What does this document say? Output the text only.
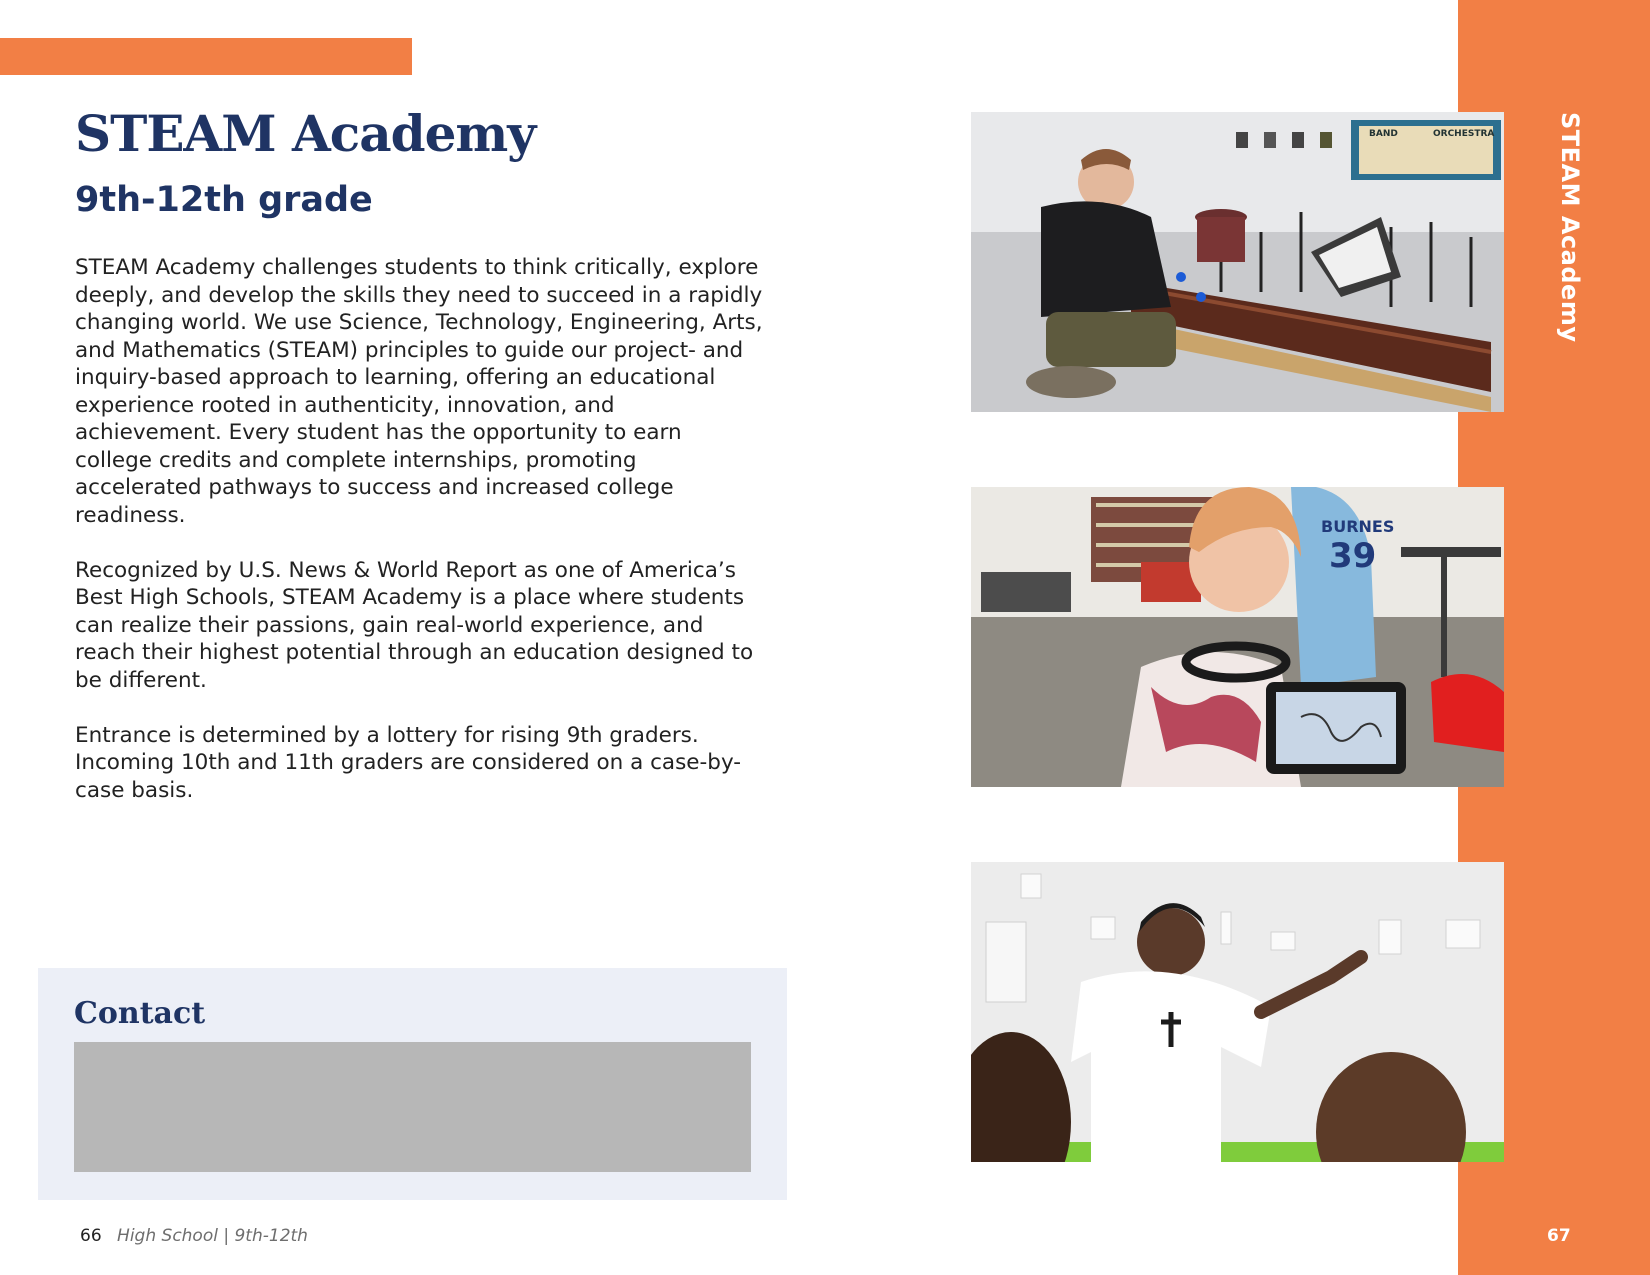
STEAM Academy
9th-12th grade

STEAM Academy challenges students to think critically, explore deeply, and develop the skills they need to succeed in a rapidly changing world. We use Science, Technology, Engineering, Arts, and Mathematics (STEAM) principles to guide our project- and inquiry-based approach to learning, offering an educational experience rooted in authenticity, innovation, and achievement. Every student has the opportunity to earn college credits and complete internships, promoting accelerated pathways to success and increased college readiness.

Recognized by U.S. News & World Report as one of America’s Best High Schools, STEAM Academy is a place where students can realize their passions, gain real-world experience, and reach their highest potential through an education designed to be different.

Entrance is determined by a lottery for rising 9th graders. Incoming 10th and 11th graders are considered on a case-by-case basis.

Contact
66 High School | 9th-12th
STEAM Academy
67
BAND	ORCHESTRA
BURNES
39
